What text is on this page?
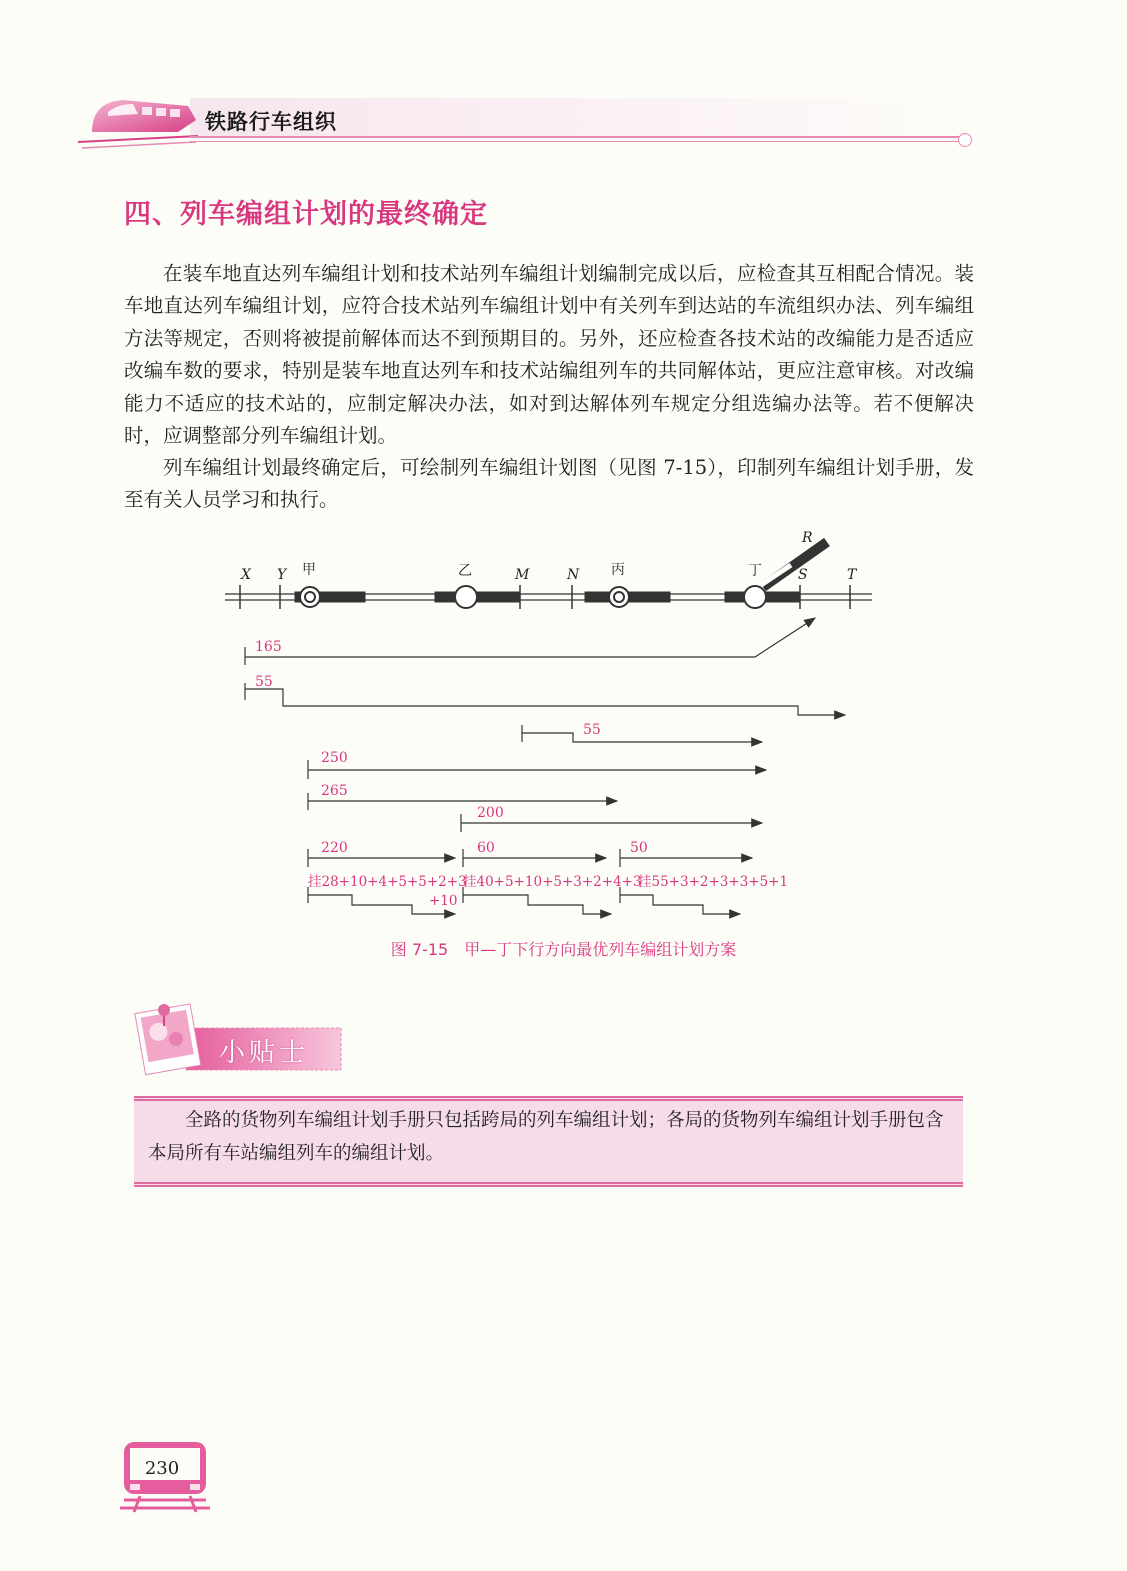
铁路行车组织
四、列车编组计划的最终确定

在装车地直达列车编组计划和技术站列车编组计划编制完成以后，应检查其互相配合情况。装车地直达列车编组计划，应符合技术站列车编组计划中有关列车到达站的车流组织办法、列车编组方法等规定，否则将被提前解体而达不到预期目的。另外，还应检查各技术站的改编能力是否适应改编车数的要求，特别是装车地直达列车和技术站编组列车的共同解体站，更应注意审核。对改编能力不适应的技术站的，应制定解决办法，如对到达解体列车规定分组选编办法等。若不便解决时，应调整部分列车编组计划。

列车编组计划最终确定后，可绘制列车编组计划图（见图 7-15），印制列车编组计划手册，发至有关人员学习和执行。

X Y 甲	乙	M	N 丙	丁	S	T
R
165
55
55
250
265
200
220	60	50
挂28+10+4+5+5+2+3
+10
挂40+5+10+5+3+2+4+3
挂55+3+2+3+3+5+1
图 7-15　甲—丁下行方向最优列车编组计划方案
小贴士

全路的货物列车编组计划手册只包括跨局的列车编组计划；各局的货物列车编组计划手册包含本局所有车站编组列车的编组计划。

230
